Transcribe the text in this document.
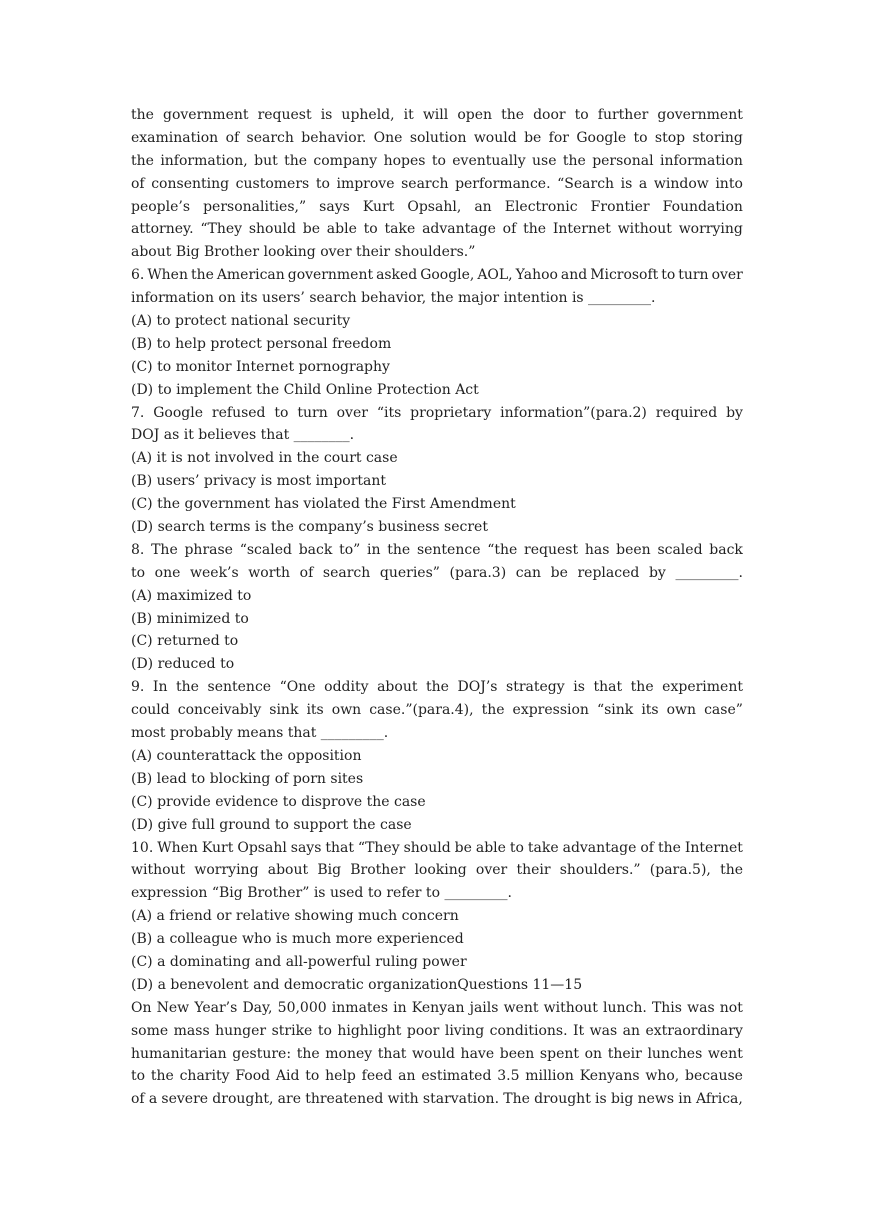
the government request is upheld, it will open the door to further government
examination of search behavior. One solution would be for Google to stop storing
the information, but the company hopes to eventually use the personal information
of consenting customers to improve search performance. “Search is a window into
people’s personalities,” says Kurt Opsahl, an Electronic Frontier Foundation
attorney. “They should be able to take advantage of the Internet without worrying
about Big Brother looking over their shoulders.”
6. When the American government asked Google, AOL, Yahoo and Microsoft to turn over
information on its users’ search behavior, the major intention is _________.
(A) to protect national security
(B) to help protect personal freedom
(C) to monitor Internet pornography
(D) to implement the Child Online Protection Act
7. Google refused to turn over “its proprietary information”(para.2) required by
DOJ as it believes that ________.
(A) it is not involved in the court case
(B) users’ privacy is most important
(C) the government has violated the First Amendment
(D) search terms is the company’s business secret
8. The phrase “scaled back to” in the sentence “the request has been scaled back
to one week’s worth of search queries” (para.3) can be replaced by _________.
(A) maximized to
(B) minimized to
(C) returned to
(D) reduced to
9. In the sentence “One oddity about the DOJ’s strategy is that the experiment
could conceivably sink its own case.”(para.4), the expression “sink its own case”
most probably means that _________.
(A) counterattack the opposition
(B) lead to blocking of porn sites
(C) provide evidence to disprove the case
(D) give full ground to support the case
10. When Kurt Opsahl says that “They should be able to take advantage of the Internet
without worrying about Big Brother looking over their shoulders.” (para.5), the
expression “Big Brother” is used to refer to _________.
(A) a friend or relative showing much concern
(B) a colleague who is much more experienced
(C) a dominating and all-powerful ruling power
(D) a benevolent and democratic organizationQuestions 11—15
On New Year’s Day, 50,000 inmates in Kenyan jails went without lunch. This was not
some mass hunger strike to highlight poor living conditions. It was an extraordinary
humanitarian gesture: the money that would have been spent on their lunches went
to the charity Food Aid to help feed an estimated 3.5 million Kenyans who, because
of a severe drought, are threatened with starvation. The drought is big news in Africa,
